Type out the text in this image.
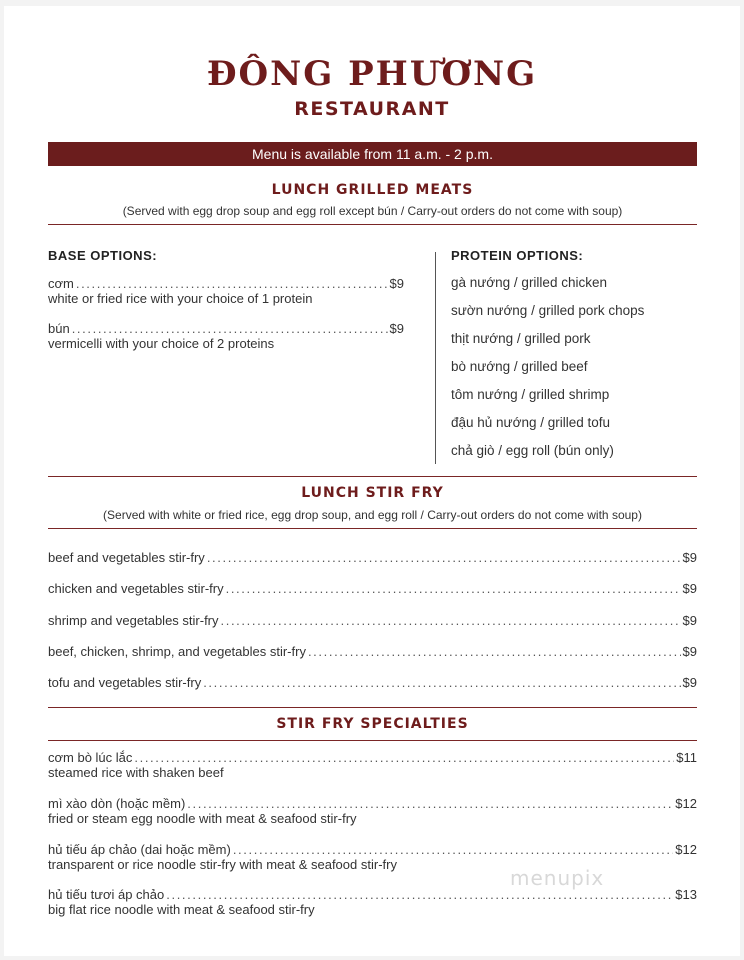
ĐÔNG PHƯƠNG
RESTAURANT
Menu is available from 11 a.m. - 2 p.m.
LUNCH GRILLED MEATS
(Served with egg drop soup and egg roll except bún / Carry-out orders do not come with soup)
BASE OPTIONS:	PROTEIN OPTIONS:
cơm . . .	$9
white or fried rice with your choice of 1 protein
bún . . .	$9
vermicelli with your choice of 2 proteins
gà nướng / grilled chicken
sườn nướng / grilled pork chops
thịt nướng / grilled pork
bò nướng / grilled beef
tôm nướng / grilled shrimp
đậu hủ nướng / grilled tofu
chả giò / egg roll (bún only)
LUNCH STIR FRY
(Served with white or fried rice, egg drop soup, and egg roll / Carry-out orders do not come with soup)
beef and vegetables stir-fry . . .	$9
chicken and vegetables stir-fry . . .	$9
shrimp and vegetables stir-fry . . .	$9
beef, chicken, shrimp, and vegetables stir-fry . . .	$9
tofu and vegetables stir-fry . . .	$9
STIR FRY SPECIALTIES
cơm bò lúc lắc . . .	$11
steamed rice with shaken beef
mì xào dòn (hoặc mềm) . . .	$12
fried or steam egg noodle with meat & seafood stir-fry
hủ tiếu áp chảo (dai hoặc mềm) . . .	$12
transparent or rice noodle stir-fry with meat & seafood stir-fry
hủ tiếu tươi áp chảo . . .	$13
big flat rice noodle with meat & seafood stir-fry
menupix
